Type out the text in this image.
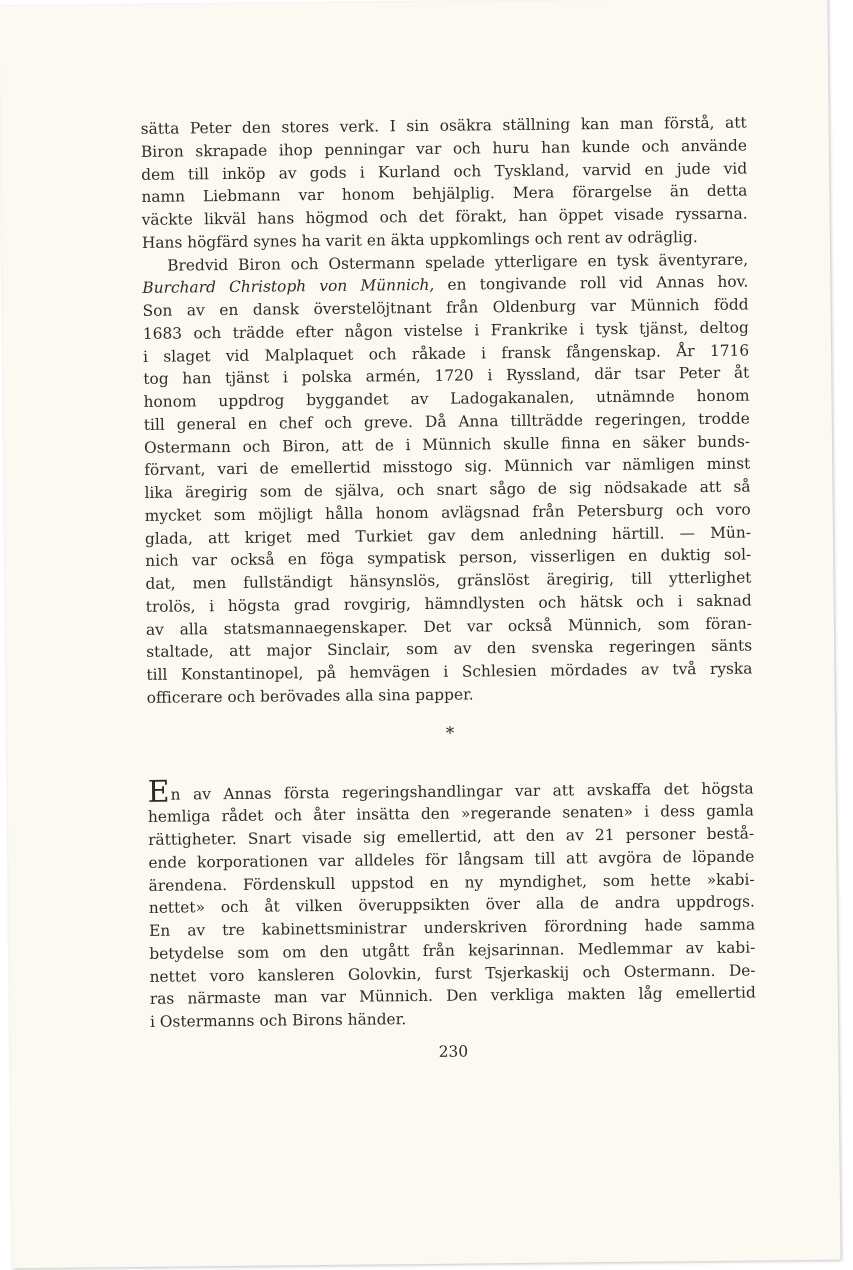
sätta Peter den stores verk. I sin osäkra ställning kan man förstå, att
Biron skrapade ihop penningar var och huru han kunde och använde
dem till inköp av gods i Kurland och Tyskland, varvid en jude vid
namn Liebmann var honom behjälplig. Mera förargelse än detta
väckte likväl hans högmod och det förakt, han öppet visade ryssarna.
Hans högfärd synes ha varit en äkta uppkomlings och rent av odräglig.
Bredvid Biron och Ostermann spelade ytterligare en tysk äventyrare,
Burchard Christoph von Münnich, en tongivande roll vid Annas hov.
Son av en dansk överstelöjtnant från Oldenburg var Münnich född
1683 och trädde efter någon vistelse i Frankrike i tysk tjänst, deltog
i slaget vid Malplaquet och råkade i fransk fångenskap. År 1716
tog han tjänst i polska armén, 1720 i Ryssland, där tsar Peter åt
honom uppdrog byggandet av Ladogakanalen, utnämnde honom
till general en chef och greve. Då Anna tillträdde regeringen, trodde
Ostermann och Biron, att de i Münnich skulle finna en säker bunds-
förvant, vari de emellertid misstogo sig. Münnich var nämligen minst
lika äregirig som de själva, och snart sågo de sig nödsakade att så
mycket som möjligt hålla honom avlägsnad från Petersburg och voro
glada, att kriget med Turkiet gav dem anledning härtill. — Mün-
nich var också en föga sympatisk person, visserligen en duktig sol-
dat, men fullständigt hänsynslös, gränslöst äregirig, till ytterlighet
trolös, i högsta grad rovgirig, hämndlysten och hätsk och i saknad
av alla statsmannaegenskaper. Det var också Münnich, som föran-
staltade, att major Sinclair, som av den svenska regeringen sänts
till Konstantinopel, på hemvägen i Schlesien mördades av två ryska
officerare och berövades alla sina papper.
*
En av Annas första regeringshandlingar var att avskaffa det högsta
hemliga rådet och åter insätta den »regerande senaten» i dess gamla
rättigheter. Snart visade sig emellertid, att den av 21 personer bestå-
ende korporationen var alldeles för långsam till att avgöra de löpande
ärendena. Fördenskull uppstod en ny myndighet, som hette »kabi-
nettet» och åt vilken överuppsikten över alla de andra uppdrogs.
En av tre kabinettsministrar underskriven förordning hade samma
betydelse som om den utgått från kejsarinnan. Medlemmar av kabi-
nettet voro kansleren Golovkin, furst Tsjerkaskij och Ostermann. De-
ras närmaste man var Münnich. Den verkliga makten låg emellertid
i Ostermanns och Birons händer.
230
